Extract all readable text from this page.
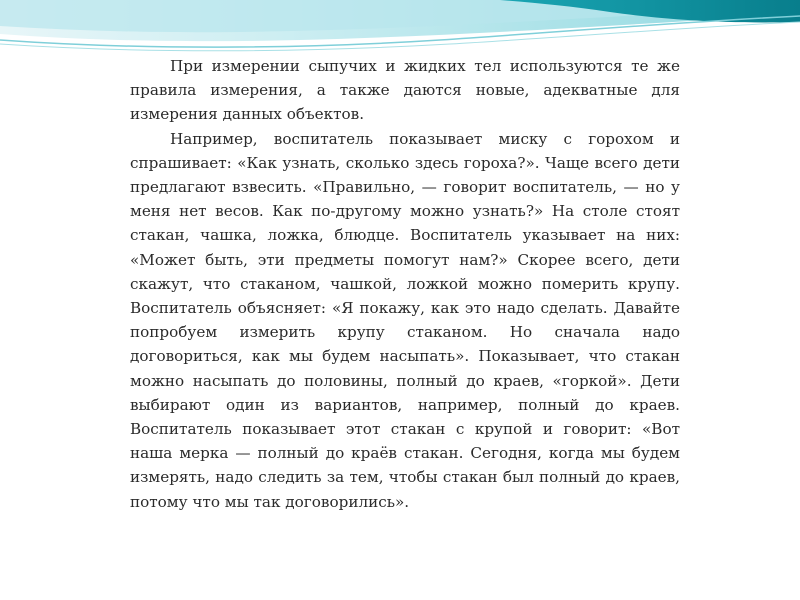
При измерении сыпучих и жидких тел используются те же правила измерения, а также даются новые, адекватные для измерения данных объектов.

Например, воспитатель показывает миску с горохом и спрашивает: «Как узнать, сколько здесь гороха?». Чаще всего дети предлагают взвесить. «Правильно, — говорит воспитатель, — но у меня нет весов. Как по-другому можно узнать?» На столе стоят стакан, чашка, ложка, блюдце. Воспитатель указывает на них: «Может быть, эти предметы помогут нам?» Скорее всего, дети скажут, что стаканом, чашкой, ложкой можно померить крупу. Воспитатель объясняет: «Я покажу, как это надо сделать. Давайте попробуем измерить крупу стаканом. Но сначала надо договориться, как мы будем насыпать». Показывает, что стакан можно насыпать до половины, полный до краев, «горкой». Дети выбирают один из вариантов, например, полный до краев. Воспитатель показывает этот стакан с крупой и говорит: «Вот наша мерка — полный до краёв стакан. Сегодня, когда мы будем измерять, надо следить за тем, чтобы стакан был полный до краев, потому что мы так договорились».
